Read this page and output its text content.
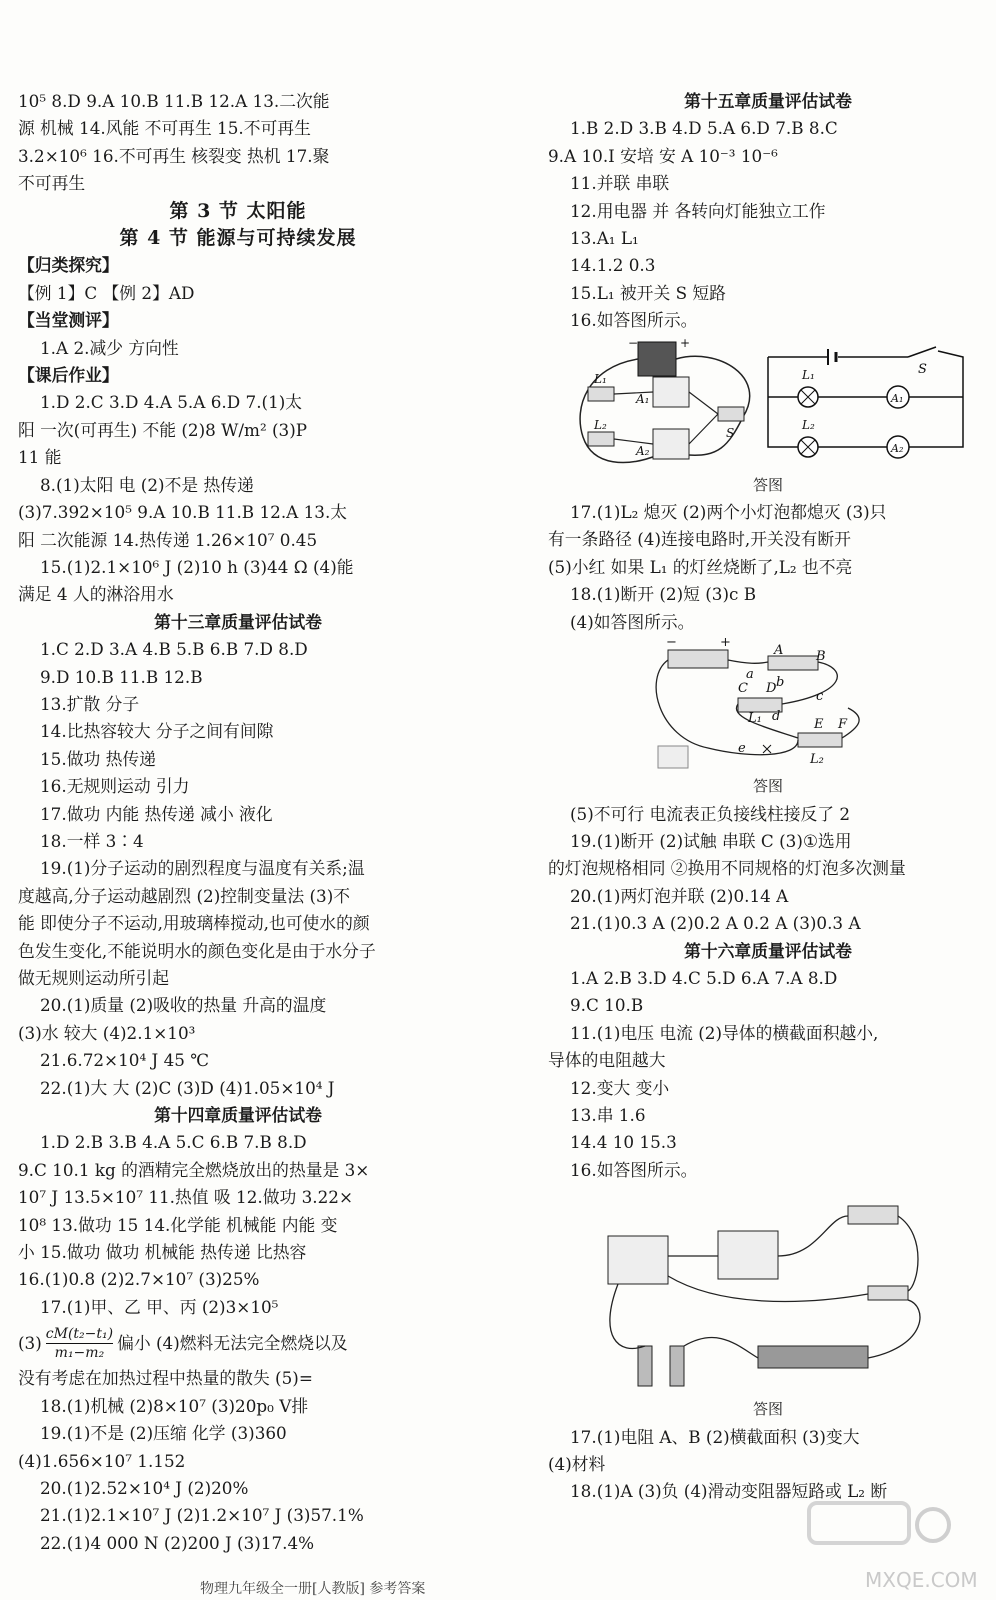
10⁵ 8.D 9.A 10.B 11.B 12.A 13.二次能
源 机械 14.风能 不可再生 15.不可再生
3.2×10⁶ 16.不可再生 核裂变 热机 17.聚
不可再生
第 3 节 太阳能
第 4 节 能源与可持续发展
【归类探究】
【例 1】C 【例 2】AD
【当堂测评】
1.A 2.减少 方向性
【课后作业】
1.D 2.C 3.D 4.A 5.A 6.D 7.(1)太
阳 一次(可再生) 不能 (2)8 W/m² (3)P
11 能
8.(1)太阳 电 (2)不是 热传递
(3)7.392×10⁵ 9.A 10.B 11.B 12.A 13.太
阳 二次能源 14.热传递 1.26×10⁷ 0.45
15.(1)2.1×10⁶ J (2)10 h (3)44 Ω (4)能
满足 4 人的淋浴用水
第十三章质量评估试卷
1.C 2.D 3.A 4.B 5.B 6.B 7.D 8.D
9.D 10.B 11.B 12.B
13.扩散 分子
14.比热容较大 分子之间有间隙
15.做功 热传递
16.无规则运动 引力
17.做功 内能 热传递 减小 液化
18.一样 3∶4
19.(1)分子运动的剧烈程度与温度有关系;温
度越高,分子运动越剧烈 (2)控制变量法 (3)不
能 即使分子不运动,用玻璃棒搅动,也可使水的颜
色发生变化,不能说明水的颜色变化是由于水分子
做无规则运动所引起
20.(1)质量 (2)吸收的热量 升高的温度
(3)水 较大 (4)2.1×10³
21.6.72×10⁴ J 45 ℃
22.(1)大 大 (2)C (3)D (4)1.05×10⁴ J
第十四章质量评估试卷
1.D 2.B 3.B 4.A 5.C 6.B 7.B 8.D
9.C 10.1 kg 的酒精完全燃烧放出的热量是 3×
10⁷ J 13.5×10⁷ 11.热值 吸 12.做功 3.22×
10⁸ 13.做功 15 14.化学能 机械能 内能 变
小 15.做功 做功 机械能 热传递 比热容
16.(1)0.8 (2)2.7×10⁷ (3)25%
17.(1)甲、乙 甲、丙 (2)3×10⁵
$(3) \frac{\text{cM(t₂−t₁)}}{\text{m₁−m₂}}$ 偏小 (4)燃料无法完全燃烧以及
没有考虑在加热过程中热量的散失 (5)=
18.(1)机械 (2)8×10⁷ (3)20p₀ V排
19.(1)不是 (2)压缩 化学 (3)360
(4)1.656×10⁷ 1.152
20.(1)2.52×10⁴ J (2)20%
21.(1)2.1×10⁷ J (2)1.2×10⁷ J (3)57.1%
22.(1)4 000 N (2)200 J (3)17.4%
第十五章质量评估试卷
1.B 2.D 3.B 4.D 5.A 6.D 7.B 8.C
9.A 10.I 安培 安 A 10⁻³ 10⁻⁶
11.并联 串联
12.用电器 并 各转向灯能独立工作
13.A₁ L₁
14.1.2 0.3
15.L₁ 被开关 S 短路
16.如答图所示。
L₁
A₁
L₂
A₂
S
−	+
S
L₁
A₁
L₂
A₂
答图
17.(1)L₂ 熄灭 (2)两个小灯泡都熄灭 (3)只
有一条路径 (4)连接电路时,开关没有断开
(5)小红 如果 L₁ 的灯丝烧断了,L₂ 也不亮
18.(1)断开 (2)短 (3)c B
(4)如答图所示。
−	+
a
A	B
C D b
c
L₁ d
E F
e
L₂
答图
(5)不可行 电流表正负接线柱接反了 2
19.(1)断开 (2)试触 串联 C (3)①选用
的灯泡规格相同 ②换用不同规格的灯泡多次测量
20.(1)两灯泡并联 (2)0.14 A
21.(1)0.3 A (2)0.2 A 0.2 A (3)0.3 A
第十六章质量评估试卷
1.A 2.B 3.D 4.C 5.D 6.A 7.A 8.D
9.C 10.B
11.(1)电压 电流 (2)导体的横截面积越小,
导体的电阻越大
12.变大 变小
13.串 1.6
14.4 10 15.3
16.如答图所示。
答图
17.(1)电阻 A、B (2)横截面积 (3)变大
(4)材料
18.(1)A (3)负 (4)滑动变阻器短路或 L₂ 断
物理九年级全一册[人教版] 参考答案	MXQE.COM
